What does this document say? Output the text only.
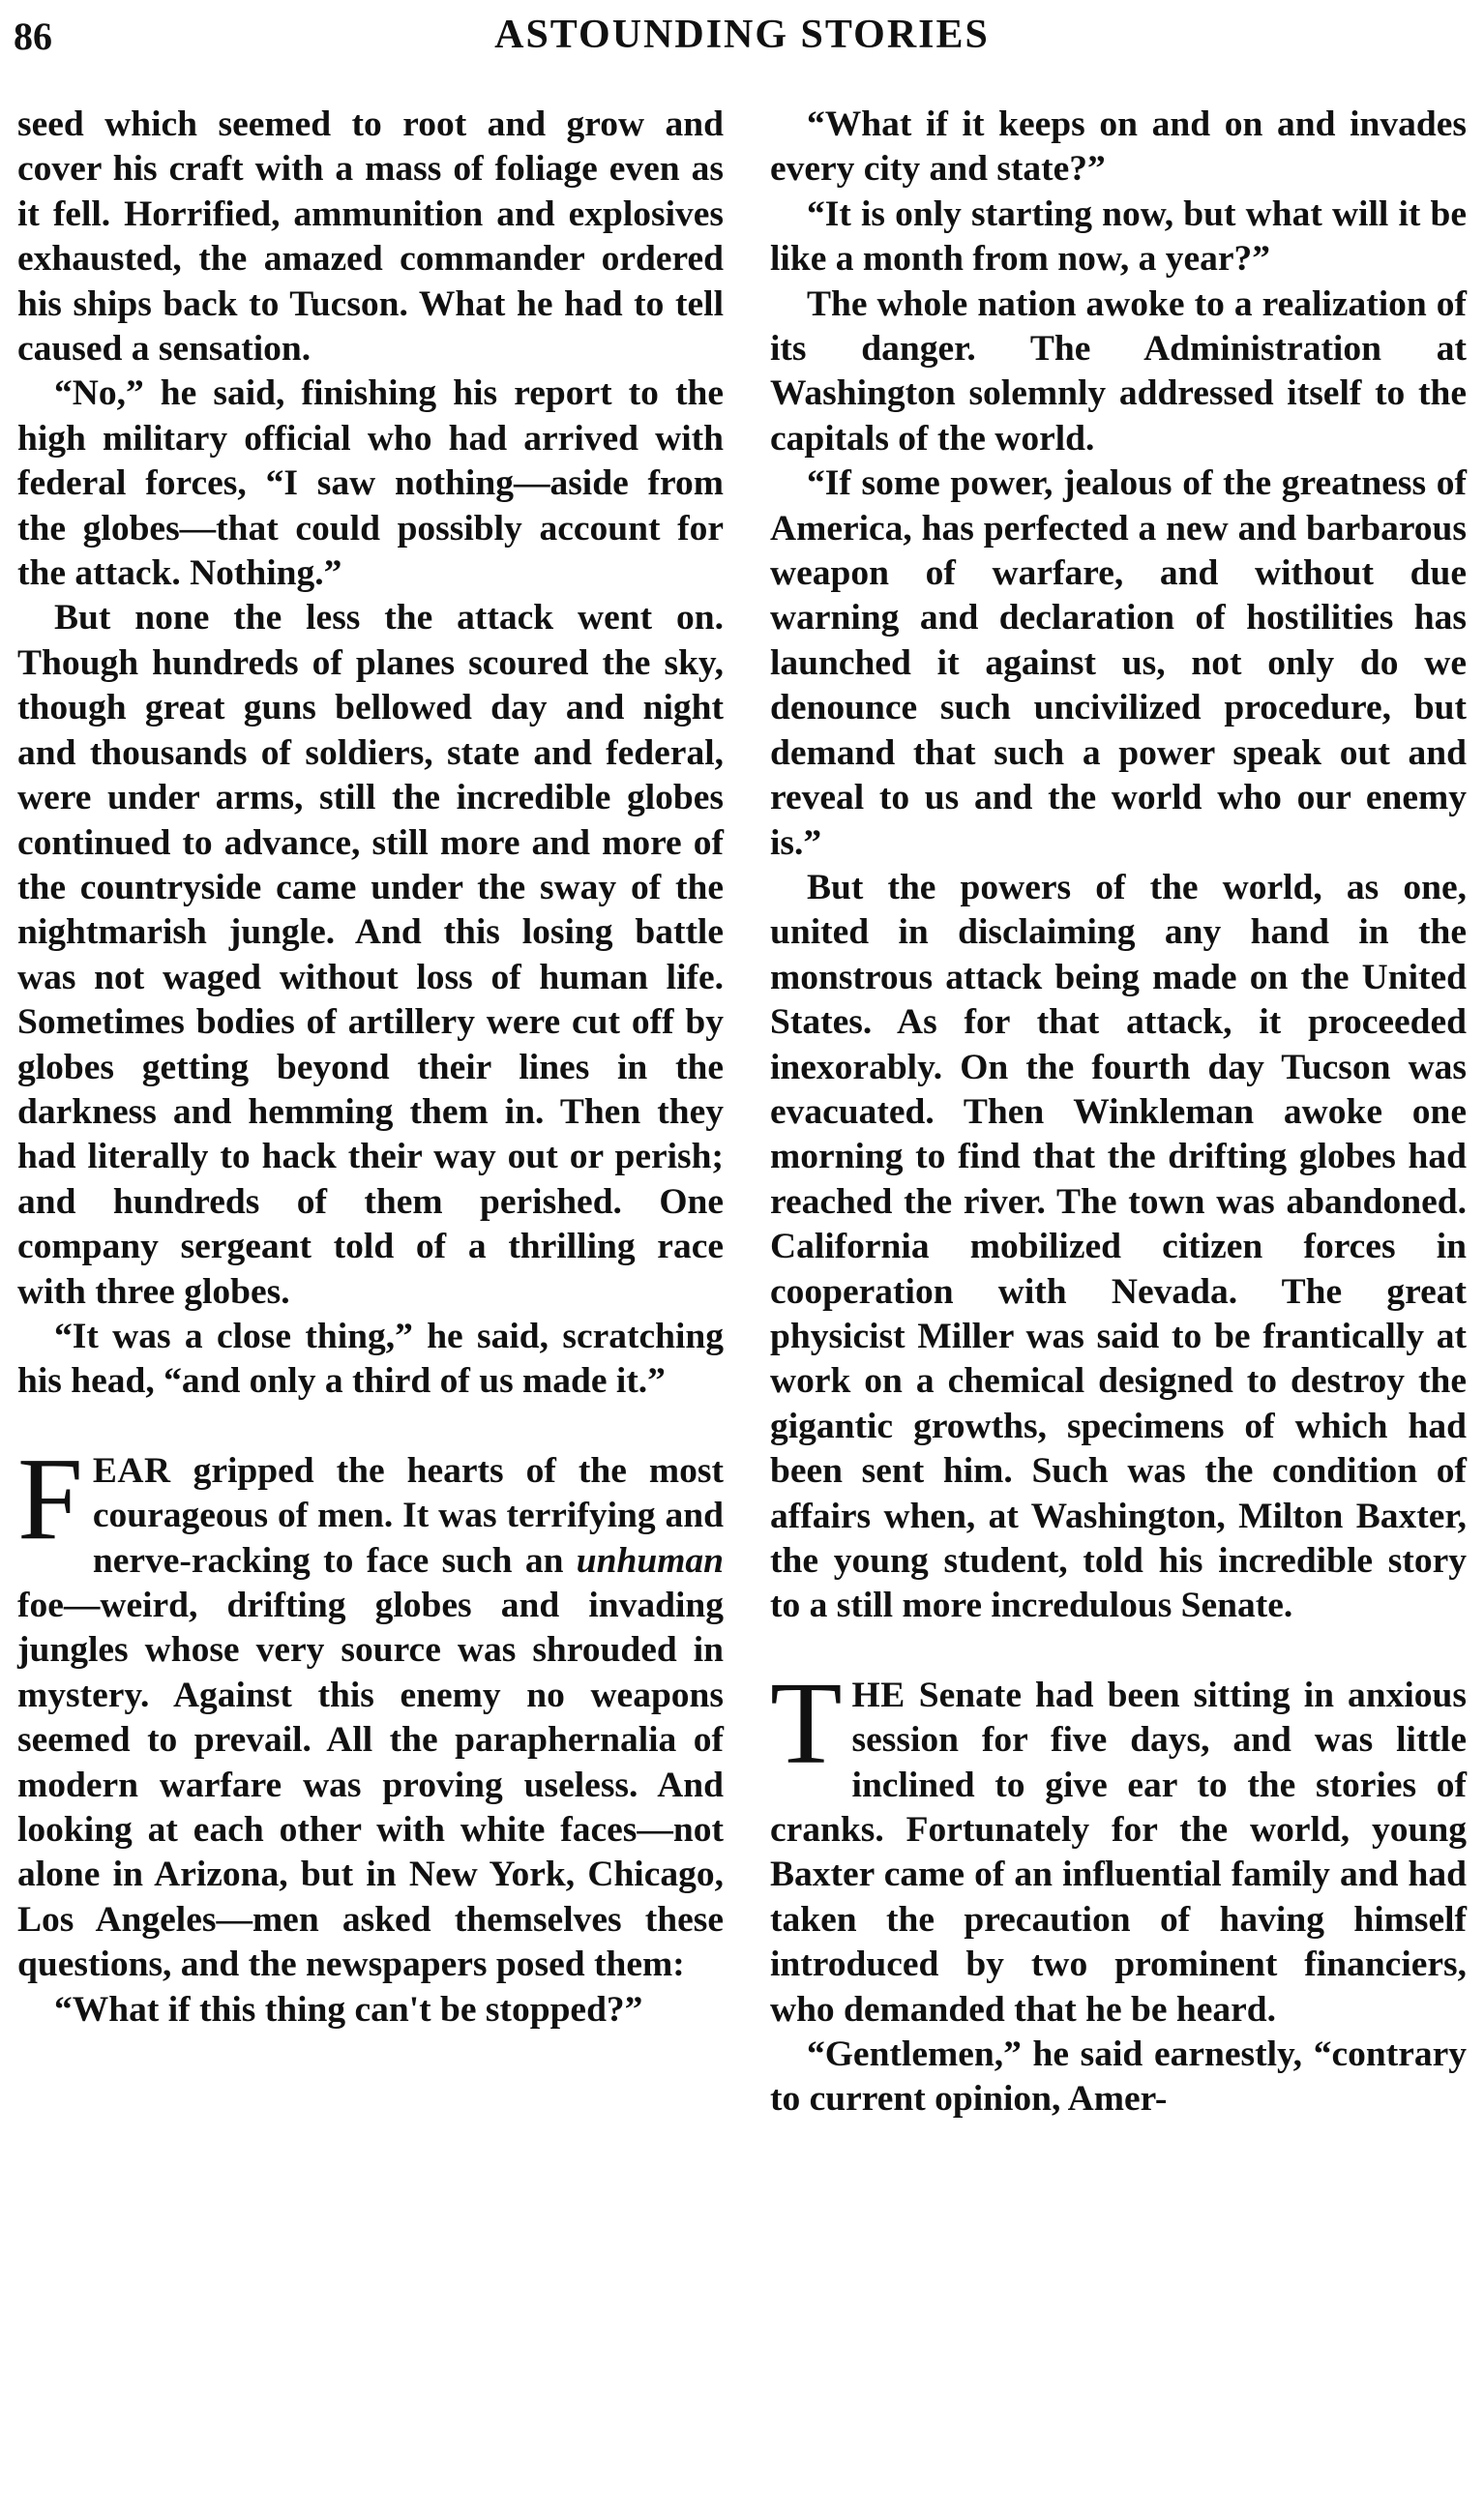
86	ASTOUNDING STORIES

seed which seemed to root and grow and cover his craft with a mass of foliage even as it fell. Horrified, ammunition and explosives exhausted, the amazed commander ordered his ships back to Tucson. What he had to tell caused a sensation.

“No,” he said, finishing his report to the high military official who had arrived with federal forces, “I saw nothing—aside from the globes—that could possibly account for the attack. Nothing.”

But none the less the attack went on. Though hundreds of planes scoured the sky, though great guns bellowed day and night and thousands of soldiers, state and federal, were under arms, still the incredible globes continued to advance, still more and more of the countryside came under the sway of the nightmarish jungle. And this losing battle was not waged without loss of human life. Sometimes bodies of artillery were cut off by globes getting beyond their lines in the darkness and hemming them in. Then they had literally to hack their way out or perish; and hundreds of them perished. One company sergeant told of a thrilling race with three globes.

“It was a close thing,” he said, scratching his head, “and only a third of us made it.”

FEAR gripped the hearts of the most courageous of men. It was terrifying and nerve-racking to face such an unhuman foe—weird, drifting globes and invading jungles whose very source was shrouded in mystery. Against this enemy no weapons seemed to prevail. All the paraphernalia of modern warfare was proving useless. And looking at each other with white faces—not alone in Arizona, but in New York, Chicago, Los Angeles—men asked themselves these questions, and the newspapers posed them:

“What if this thing can't be stopped?”

“What if it keeps on and on and invades every city and state?”

“It is only starting now, but what will it be like a month from now, a year?”

The whole nation awoke to a realization of its danger. The Administration at Washington solemnly addressed itself to the capitals of the world.

“If some power, jealous of the greatness of America, has perfected a new and barbarous weapon of warfare, and without due warning and declaration of hostilities has launched it against us, not only do we denounce such uncivilized procedure, but demand that such a power speak out and reveal to us and the world who our enemy is.”

But the powers of the world, as one, united in disclaiming any hand in the monstrous attack being made on the United States. As for that attack, it proceeded inexorably. On the fourth day Tucson was evacuated. Then Winkleman awoke one morning to find that the drifting globes had reached the river. The town was abandoned. California mobilized citizen forces in cooperation with Nevada. The great physicist Miller was said to be frantically at work on a chemical designed to destroy the gigantic growths, specimens of which had been sent him. Such was the condition of affairs when, at Washington, Milton Baxter, the young student, told his incredible story to a still more incredulous Senate.

THE Senate had been sitting in anxious session for five days, and was little inclined to give ear to the stories of cranks. Fortunately for the world, young Baxter came of an influential family and had taken the precaution of having himself introduced by two prominent financiers, who demanded that he be heard.

“Gentlemen,” he said earnestly, “contrary to current opinion, Amer-
